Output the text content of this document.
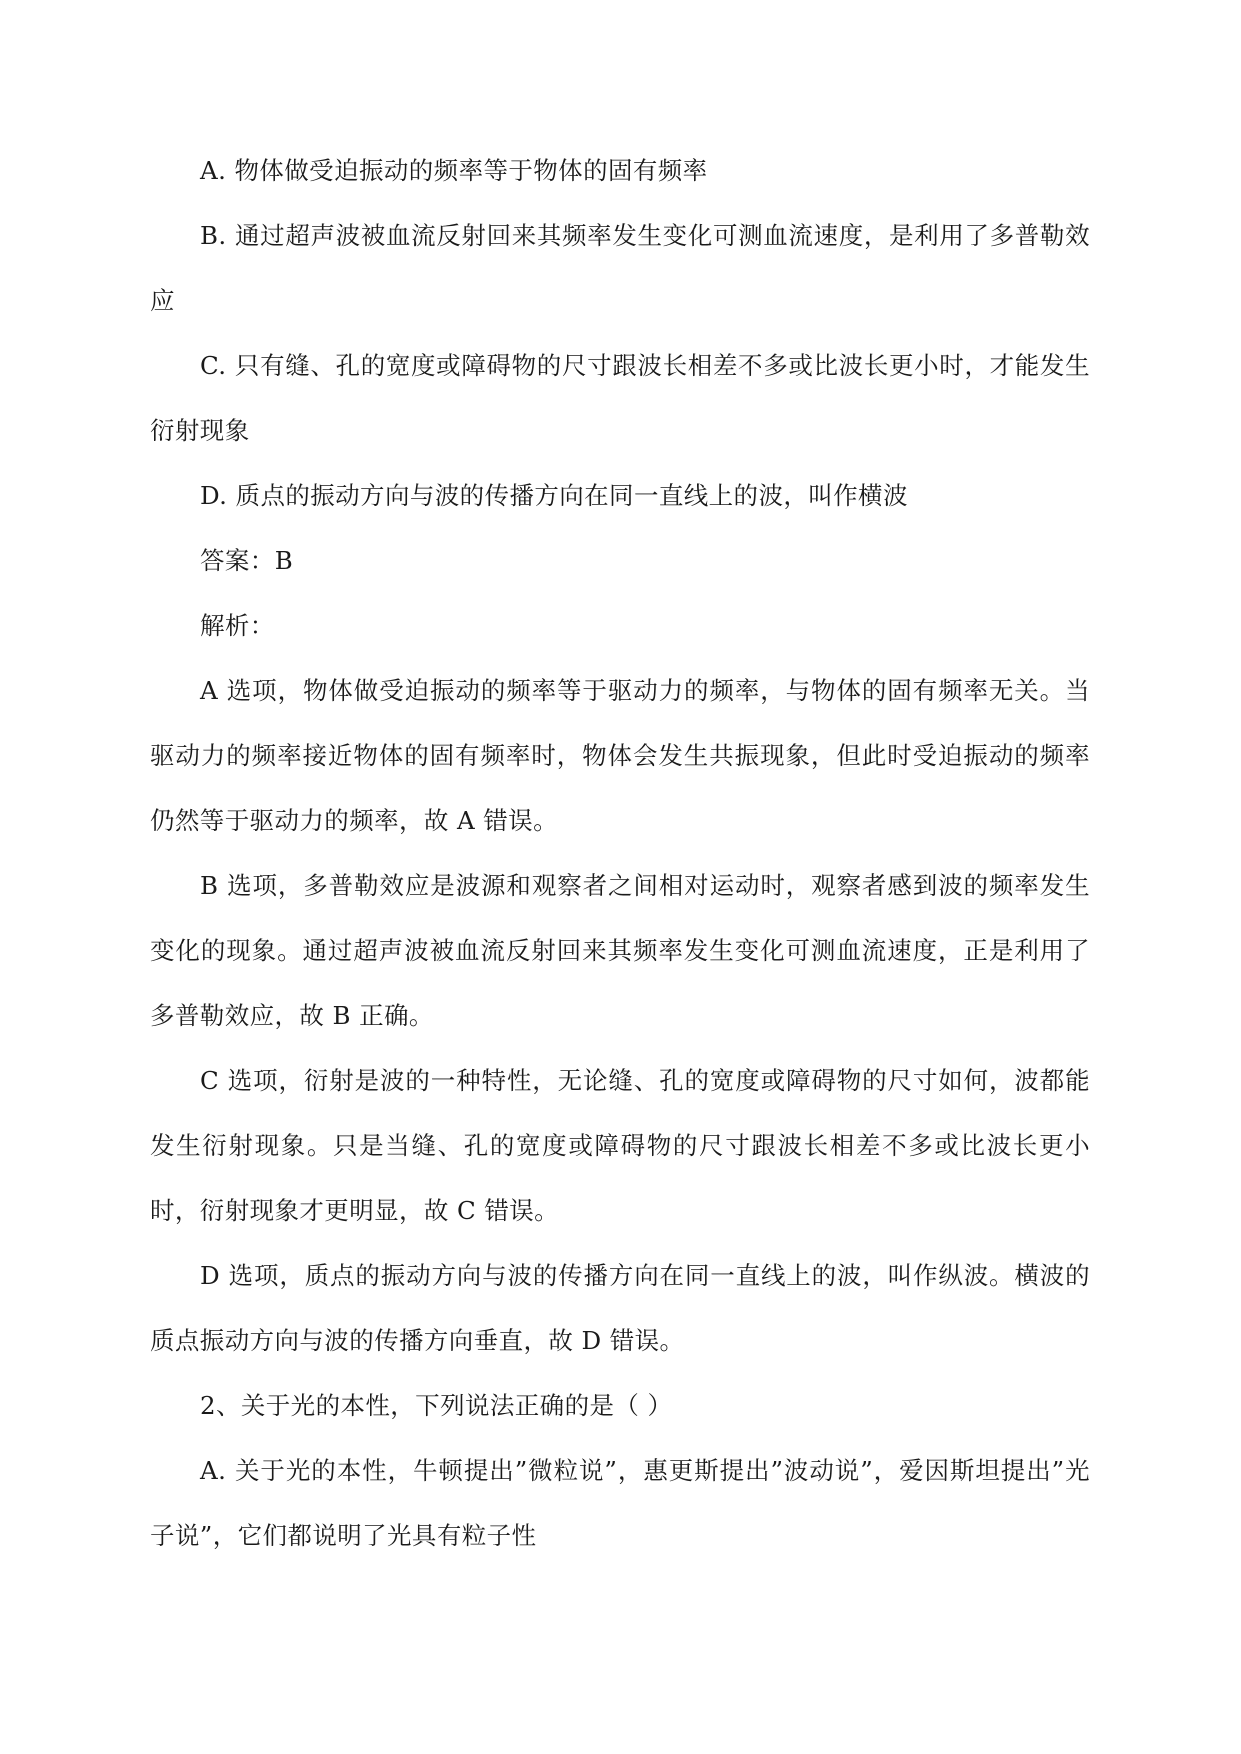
A. 物体做受迫振动的频率等于物体的固有频率

B. 通过超声波被血流反射回来其频率发生变化可测血流速度，是利用了多普勒效应

C. 只有缝、孔的宽度或障碍物的尺寸跟波长相差不多或比波长更小时，才能发生衍射现象

D. 质点的振动方向与波的传播方向在同一直线上的波，叫作横波

答案：B

解析：

A 选项，物体做受迫振动的频率等于驱动力的频率，与物体的固有频率无关。当驱动力的频率接近物体的固有频率时，物体会发生共振现象，但此时受迫振动的频率仍然等于驱动力的频率，故 A 错误。

B 选项，多普勒效应是波源和观察者之间相对运动时，观察者感到波的频率发生变化的现象。通过超声波被血流反射回来其频率发生变化可测血流速度，正是利用了多普勒效应，故 B 正确。

C 选项，衍射是波的一种特性，无论缝、孔的宽度或障碍物的尺寸如何，波都能发生衍射现象。只是当缝、孔的宽度或障碍物的尺寸跟波长相差不多或比波长更小时，衍射现象才更明显，故 C 错误。

D 选项，质点的振动方向与波的传播方向在同一直线上的波，叫作纵波。横波的质点振动方向与波的传播方向垂直，故 D 错误。

2、关于光的本性，下列说法正确的是（ ）

A. 关于光的本性，牛顿提出”微粒说”，惠更斯提出”波动说”，爱因斯坦提出”光子说”，它们都说明了光具有粒子性
